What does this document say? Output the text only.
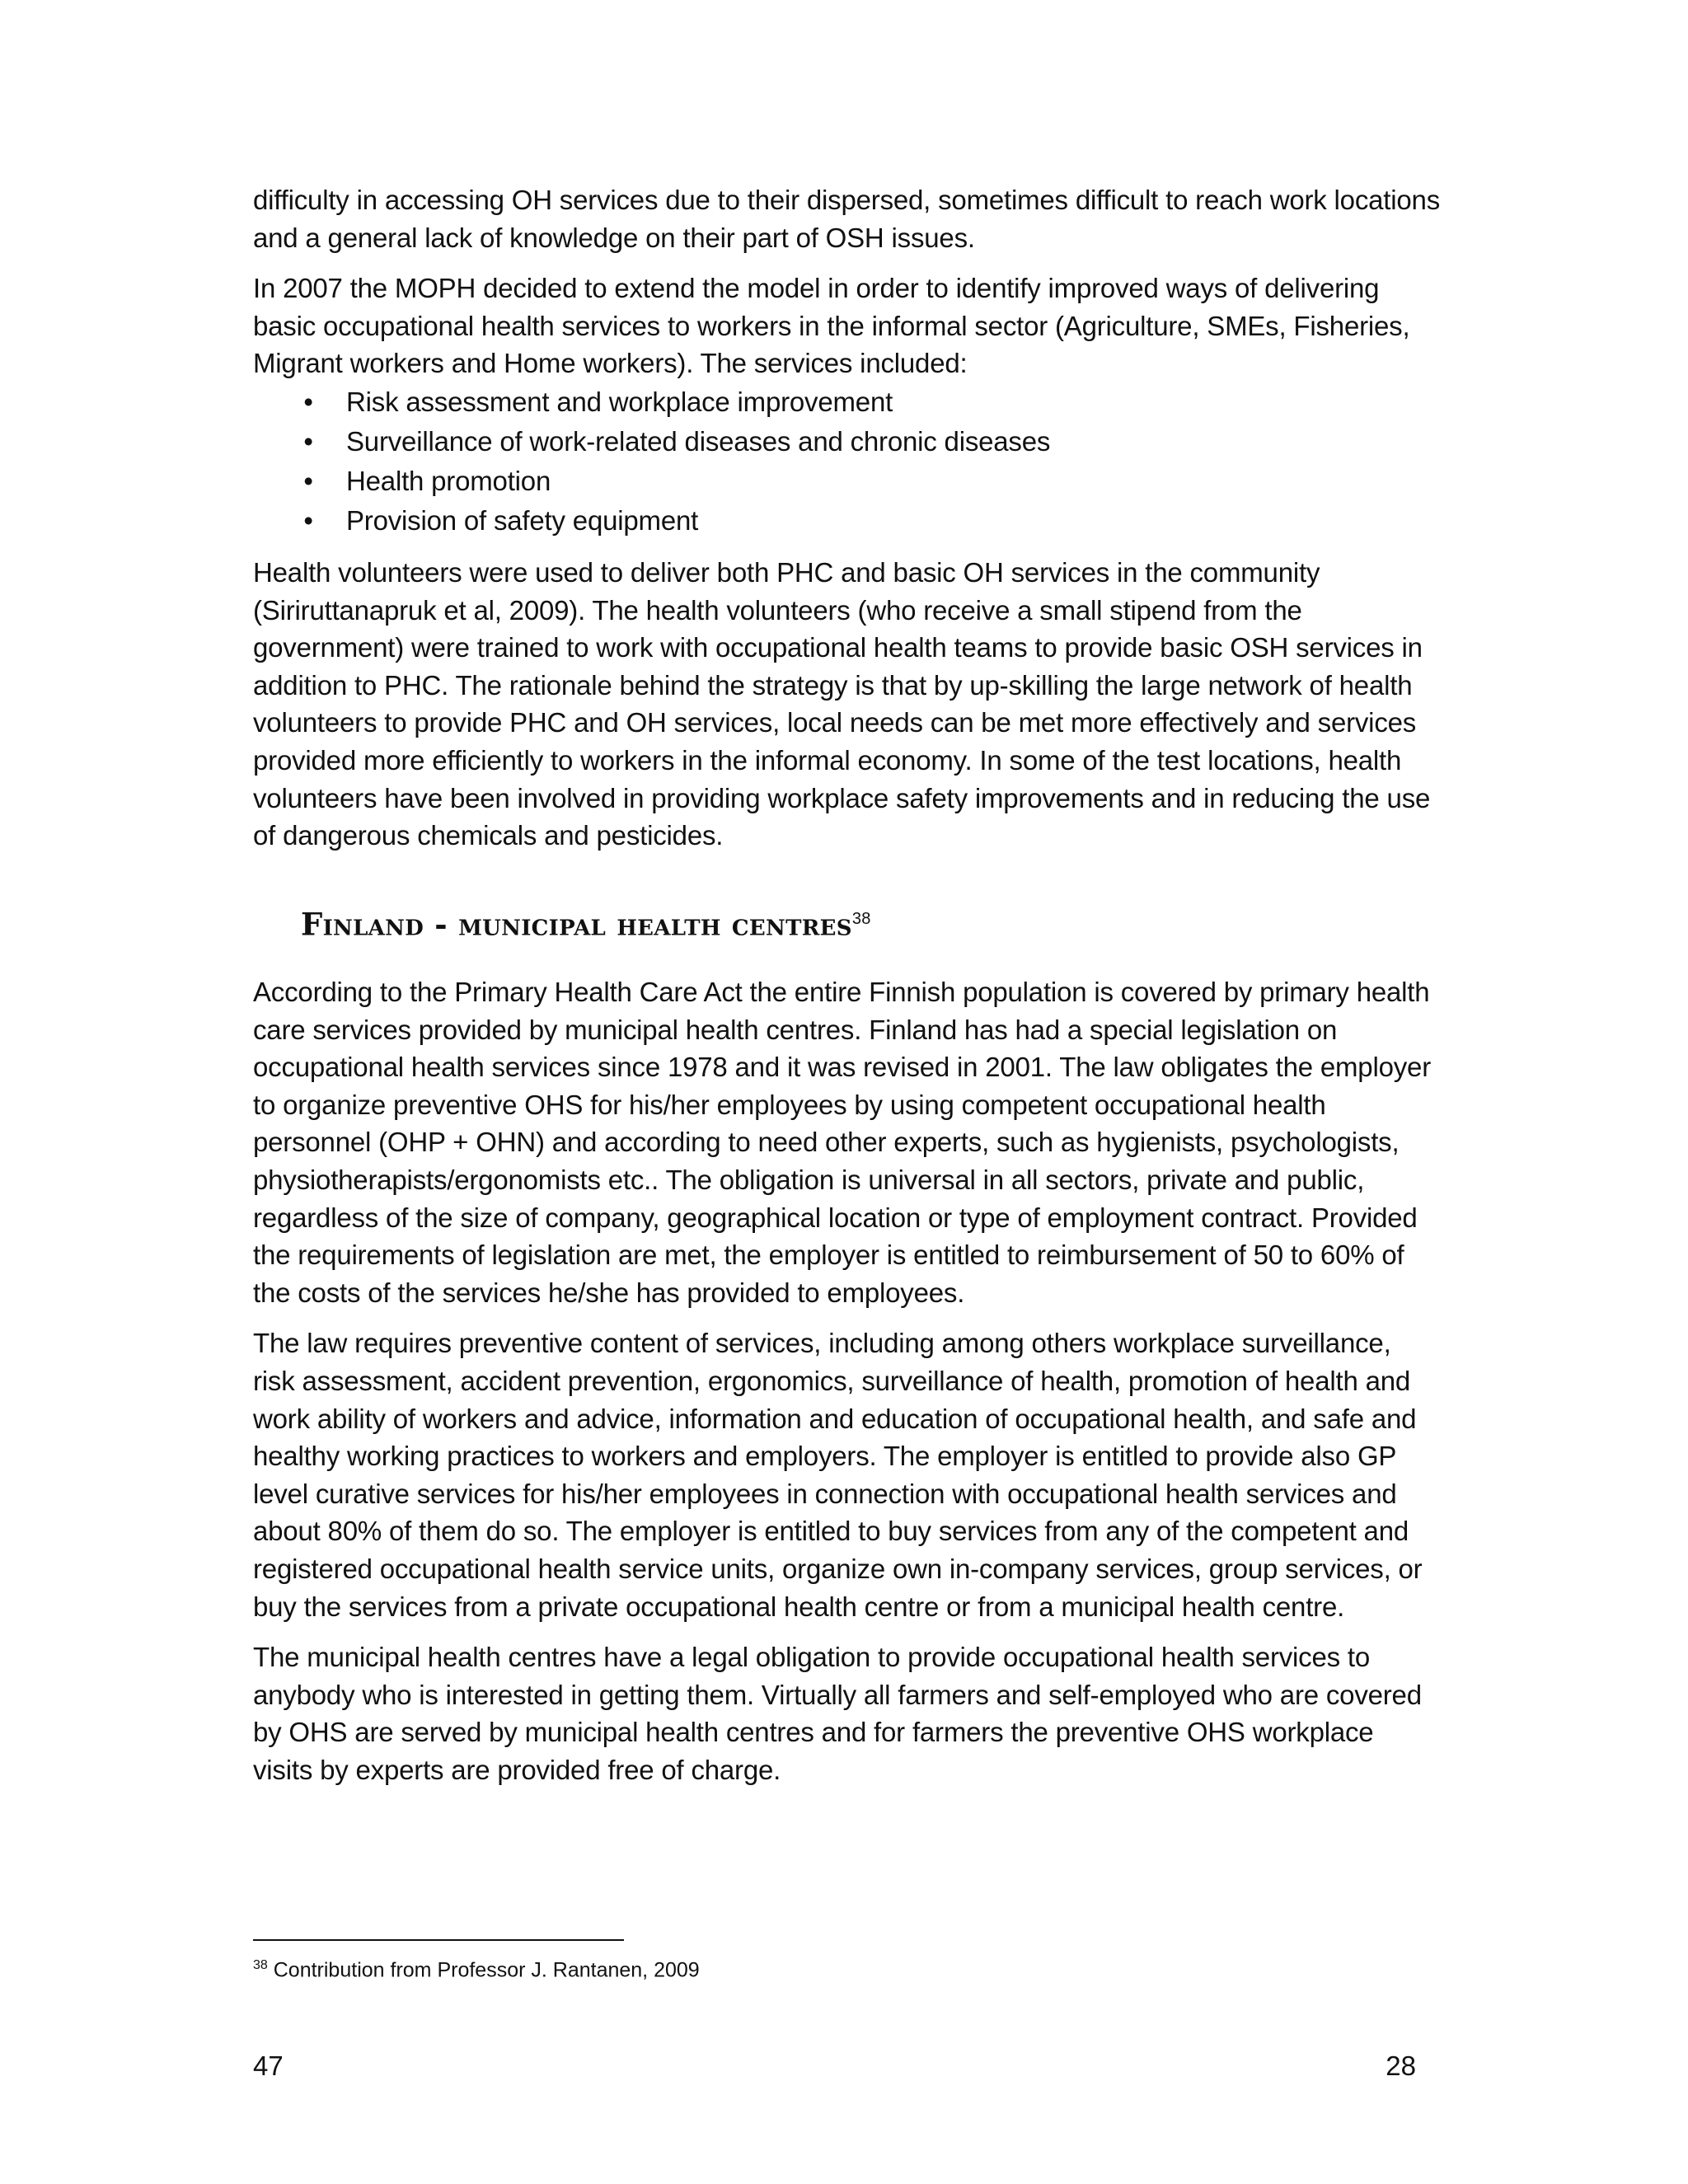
difficulty in accessing OH services due to their dispersed, sometimes difficult to reach work locations and a general lack of knowledge on their part of OSH issues.

In 2007 the MOPH decided to extend the model in order to identify improved ways of delivering basic occupational health services to workers in the informal sector (Agriculture, SMEs, Fisheries, Migrant workers and Home workers). The services included:

• Risk assessment and workplace improvement
• Surveillance of work-related diseases and chronic diseases
• Health promotion
• Provision of safety equipment

Health volunteers were used to deliver both PHC and basic OH services in the community (Siriruttanapruk et al, 2009). The health volunteers (who receive a small stipend from the government) were trained to work with occupational health teams to provide basic OSH services in addition to PHC. The rationale behind the strategy is that by up-skilling the large network of health volunteers to provide PHC and OH services, local needs can be met more effectively and services provided more efficiently to workers in the informal economy. In some of the test locations, health volunteers have been involved in providing workplace safety improvements and in reducing the use of dangerous chemicals and pesticides.

Finland - municipal health centres$^{38}$

According to the Primary Health Care Act the entire Finnish population is covered by primary health care services provided by municipal health centres. Finland has had a special legislation on occupational health services since 1978 and it was revised in 2001. The law obligates the employer to organize preventive OHS for his/her employees by using competent occupational health personnel (OHP + OHN) and according to need other experts, such as hygienists, psychologists, physiotherapists/ergonomists etc.. The obligation is universal in all sectors, private and public, regardless of the size of company, geographical location or type of employment contract. Provided the requirements of legislation are met, the employer is entitled to reimbursement of 50 to 60% of the costs of the services he/she has provided to employees.

The law requires preventive content of services, including among others workplace surveillance, risk assessment, accident prevention, ergonomics, surveillance of health, promotion of health and work ability of workers and advice, information and education of occupational health, and safe and healthy working practices to workers and employers. The employer is entitled to provide also GP level curative services for his/her employees in connection with occupational health services and about 80% of them do so. The employer is entitled to buy services from any of the competent and registered occupational health service units, organize own in-company services, group services, or buy the services from a private occupational health centre or from a municipal health centre.

The municipal health centres have a legal obligation to provide occupational health services to anybody who is interested in getting them. Virtually all farmers and self-employed who are covered by OHS are served by municipal health centres and for farmers the preventive OHS workplace visits by experts are provided free of charge.

$^{38}$ Contribution from Professor J. Rantanen, 2009
47	28
